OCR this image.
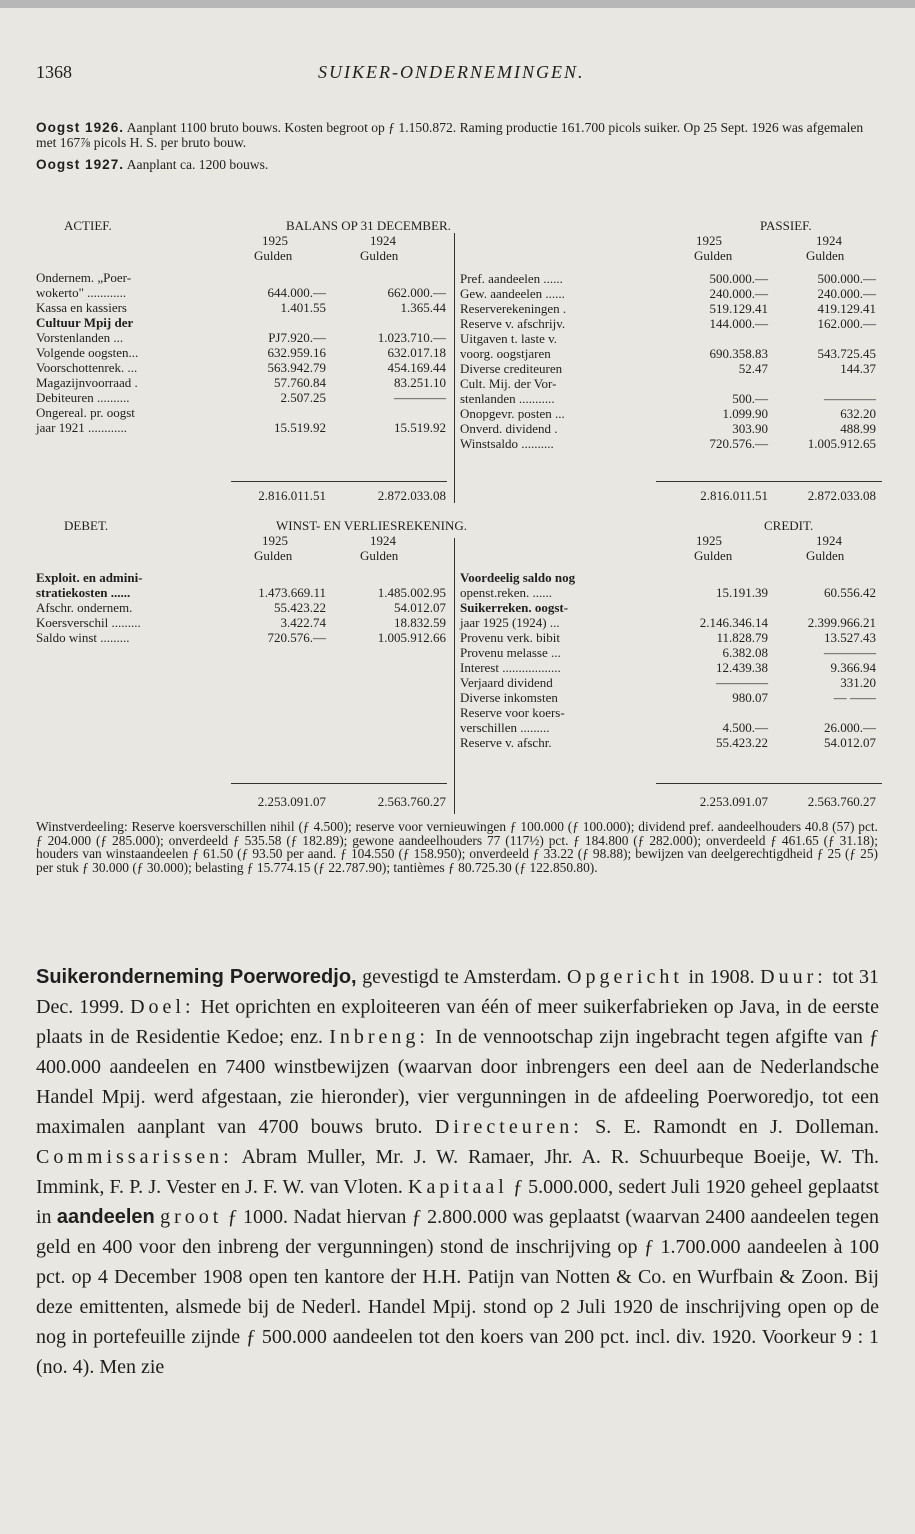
1368	SUIKER-ONDERNEMINGEN.
Oogst 1926. Aanplant 1100 bruto bouws. Kosten begroot op ƒ 1.150.872. Raming productie 161.700 picols suiker. Op 25 Sept. 1926 was afgemalen met 167⅞ picols H. S. per bruto bouw.
Oogst 1927. Aanplant ca. 1200 bouws.
ACTIEF.	BALANS OP 31 DECEMBER.	PASSIEF.
1925	1924	1925	1924
Gulden	Gulden	Gulden	Gulden
Ondernem. „Poer-
wokerto" ............	644.000.—	662.000.—
Kassa en kassiers	1.401.55	1.365.44
Cultuur Mpij der
Vorstenlanden ...	PJ7.920.—	1.023.710.—
Volgende oogsten...	632.959.16	632.017.18
Voorschottenrek. ...	563.942.79	454.169.44
Magazijnvoorraad .	57.760.84	83.251.10
Debiteuren ..........	2.507.25	————
Ongereal. pr. oogst
jaar 1921 ............	15.519.92	15.519.92
Pref. aandeelen ......	500.000.—	500.000.—
Gew. aandeelen ......	240.000.—	240.000.—
Reserverekeningen .	519.129.41	419.129.41
Reserve v. afschrijv.	144.000.—	162.000.—
Uitgaven t. laste v.
voorg. oogstjaren	690.358.83	543.725.45
Diverse crediteuren	52.47	144.37
Cult. Mij. der Vor-
stenlanden ...........	500.—	————
Onopgevr. posten ...	1.099.90	632.20
Onverd. dividend .	303.90	488.99
Winstsaldo ..........	720.576.—	1.005.912.65
2.816.011.51	2.872.033.08	2.816.011.51	2.872.033.08
DEBET.	WINST- EN VERLIESREKENING.	CREDIT.
1925	1924	1925	1924
Gulden	Gulden	Gulden	Gulden
Exploit. en admini-
stratiekosten ......	1.473.669.11	1.485.002.95
Afschr. ondernem.	55.423.22	54.012.07
Koersverschil .........	3.422.74	18.832.59
Saldo winst .........	720.576.—	1.005.912.66
Voordeelig saldo nog
openst.reken. ......	15.191.39	60.556.42
Suikerreken. oogst-
jaar 1925 (1924) ...	2.146.346.14	2.399.966.21
Provenu verk. bibit	11.828.79	13.527.43
Provenu melasse ...	6.382.08	————
Interest ..................	12.439.38	9.366.94
Verjaard dividend	————	331.20
Diverse inkomsten	980.07	— ——
Reserve voor koers-
verschillen .........	4.500.—	26.000.—
Reserve v. afschr.	55.423.22	54.012.07
2.253.091.07	2.563.760.27	2.253.091.07	2.563.760.27
Winstverdeeling: Reserve koersverschillen nihil (ƒ 4.500); reserve voor vernieuwingen ƒ 100.000 (ƒ 100.000); dividend pref. aandeelhouders 40.8 (57) pct. ƒ 204.000 (ƒ 285.000); onverdeeld ƒ 535.58 (ƒ 182.89); gewone aandeelhouders 77 (117½) pct. ƒ 184.800 (ƒ 282.000); onverdeeld ƒ 461.65 (ƒ 31.18); houders van winstaandeelen ƒ 61.50 (ƒ 93.50 per aand. ƒ 104.550 (ƒ 158.950); onverdeeld ƒ 33.22 (ƒ 98.88); bewijzen van deelgerechtigdheid ƒ 25 (ƒ 25) per stuk ƒ 30.000 (ƒ 30.000); belasting ƒ 15.774.15 (ƒ 22.787.90); tantièmes ƒ 80.725.30 (ƒ 122.850.80).
Suikeronderneming Poerworedjo, gevestigd te Amsterdam. Opgericht in 1908. Duur: tot 31 Dec. 1999. Doel: Het oprichten en exploiteeren van één of meer suikerfabrieken op Java, in de eerste plaats in de Residentie Kedoe; enz. Inbreng: In de vennootschap zijn ingebracht tegen afgifte van ƒ 400.000 aandeelen en 7400 winstbewijzen (waarvan door inbrengers een deel aan de Nederlandsche Handel Mpij. werd afgestaan, zie hieronder), vier vergunningen in de afdeeling Poerworedjo, tot een maximalen aanplant van 4700 bouws bruto. Directeuren: S. E. Ramondt en J. Dolleman. Commissarissen: Abram Muller, Mr. J. W. Ramaer, Jhr. A. R. Schuurbeque Boeije, W. Th. Immink, F. P. J. Vester en J. F. W. van Vloten. Kapitaal ƒ 5.000.000, sedert Juli 1920 geheel geplaatst in aandeelen groot ƒ 1000. Nadat hiervan ƒ 2.800.000 was geplaatst (waarvan 2400 aandeelen tegen geld en 400 voor den inbreng der vergunningen) stond de inschrijving op ƒ 1.700.000 aandeelen à 100 pct. op 4 December 1908 open ten kantore der H.H. Patijn van Notten & Co. en Wurfbain & Zoon. Bij deze emittenten, alsmede bij de Nederl. Handel Mpij. stond op 2 Juli 1920 de inschrijving open op de nog in portefeuille zijnde ƒ 500.000 aandeelen tot den koers van 200 pct. incl. div. 1920. Voorkeur 9 : 1 (no. 4). Men zie
